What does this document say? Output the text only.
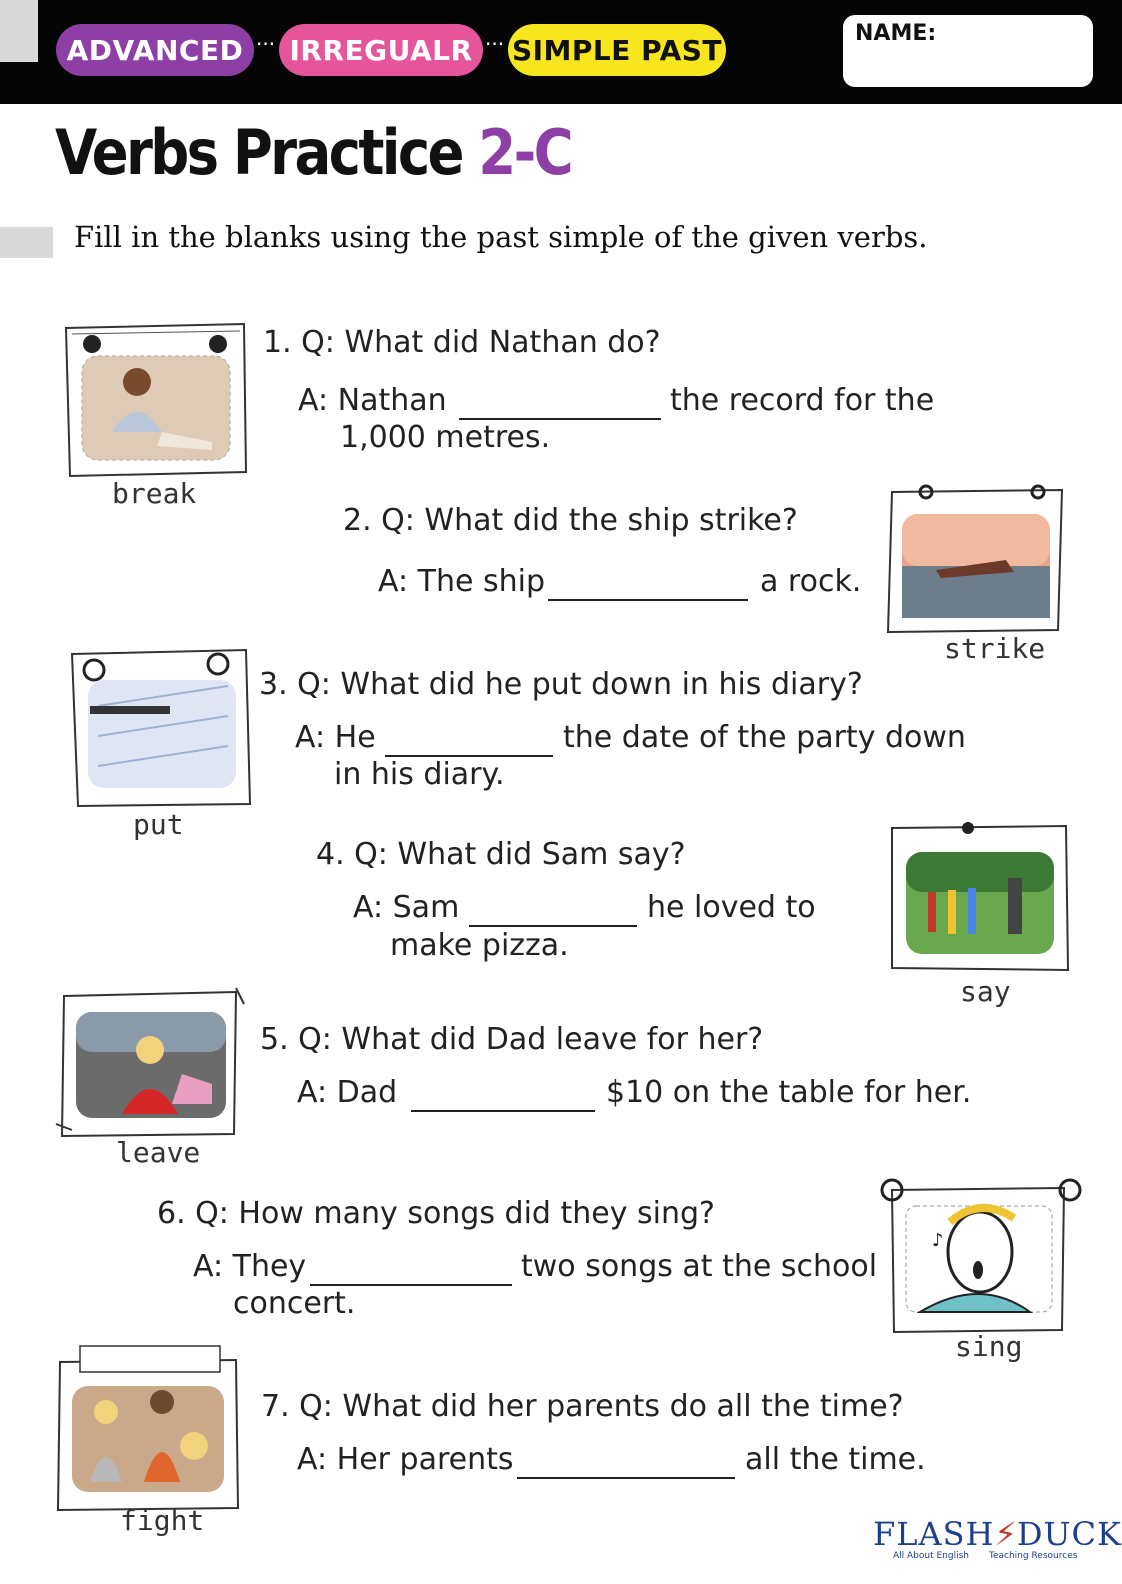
ADVANCED ··· IRREGUALR ··· SIMPLE PAST	NAME:
Verbs Practice 2-C
Fill in the blanks using the past simple of the given verbs.
break
1. Q: What did Nathan do?
A: Nathan	the record for the
1,000 metres.
2. Q: What did the ship strike?
A: The ship	a rock.
strike
put
3. Q: What did he put down in his diary?
A: He	the date of the party down
in his diary.
4. Q: What did Sam say?
A: Sam	he loved to
make pizza.
say
leave
5. Q: What did Dad leave for her?
A: Dad	$10 on the table for her.
6. Q: How many songs did they sing?
A: They	two songs at the school
concert.
♪
sing
fight
7. Q: What did her parents do all the time?
A: Her parents	all the time.
FLASH⚡DUCK
All About English Teaching Resources
